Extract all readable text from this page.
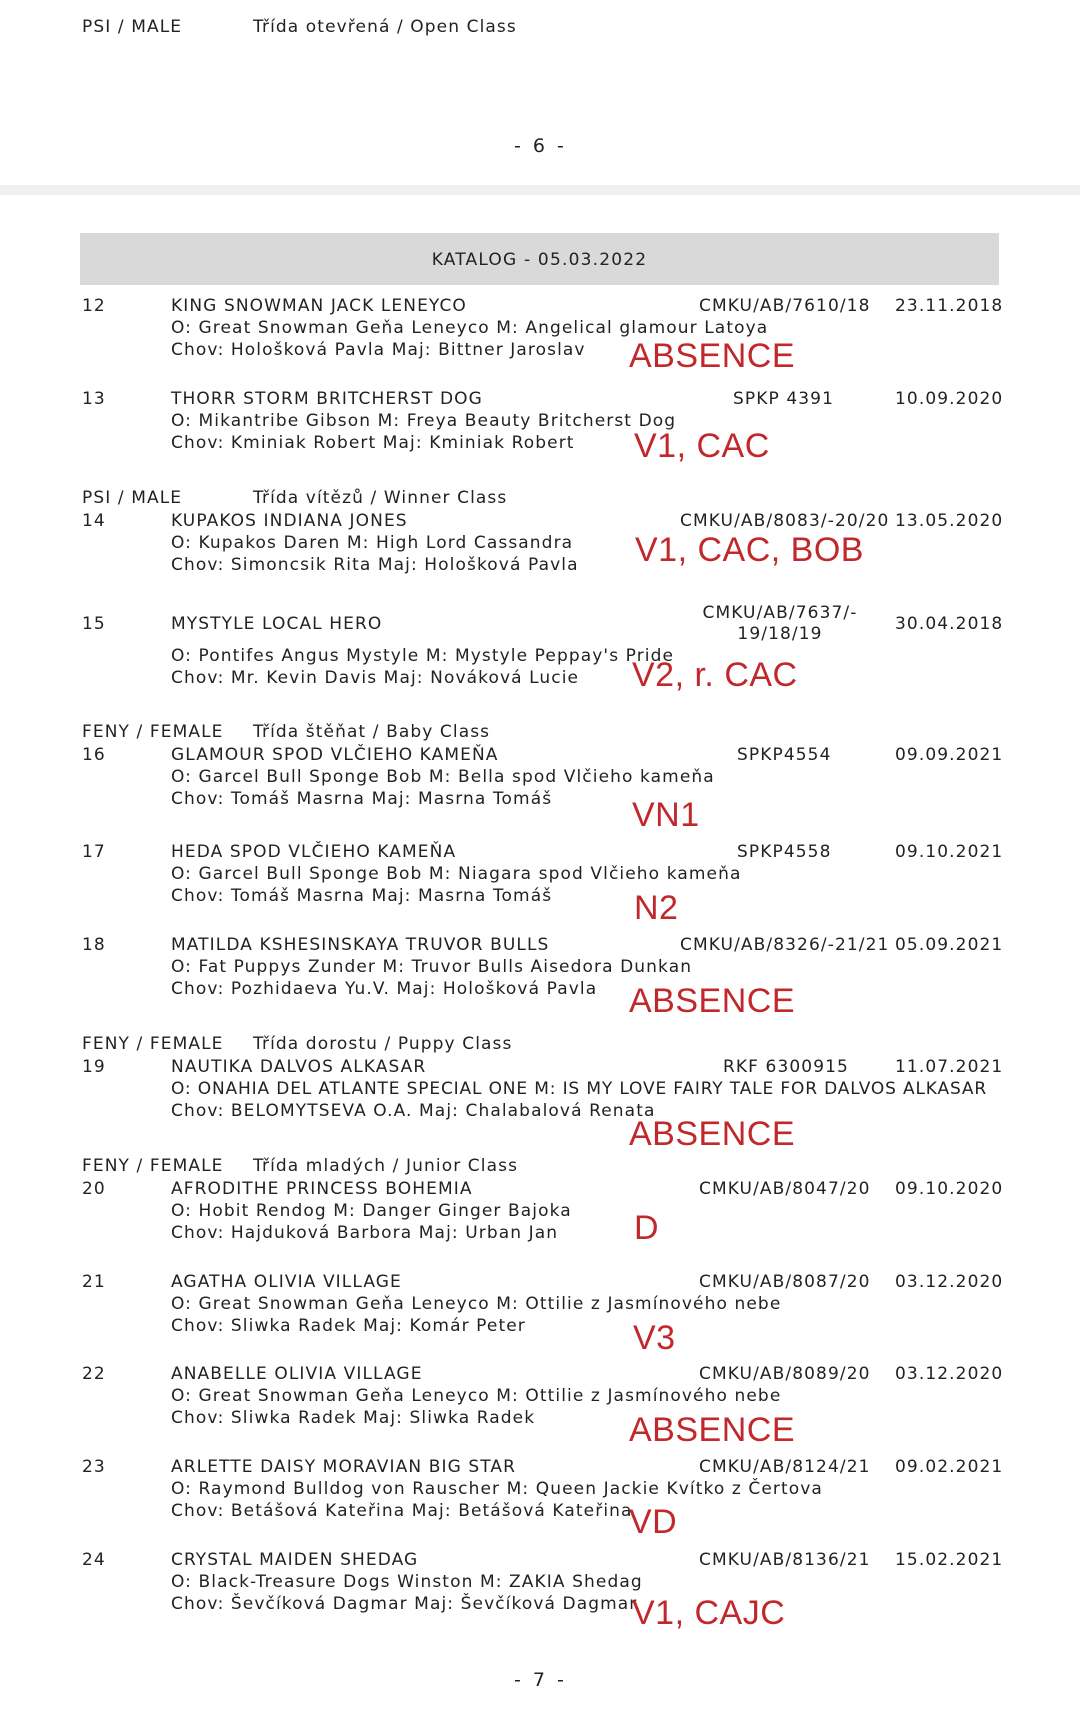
PSI / MALE	Třída otevřená / Open Class
- 6 -
KATALOG - 05.03.2022
12	KING SNOWMAN JACK LENEYCO	CMKU/AB/7610/18 23.11.2018
O: Great Snowman Geňa Leneyco M: Angelical glamour Latoya
Chov: Hološková Pavla Maj: Bittner Jaroslav ABSENCE
13	THORR STORM BRITCHERST DOG	SPKP 4391	10.09.2020
O: Mikantribe Gibson M: Freya Beauty Britcherst Dog
Chov: Kminiak Robert Maj: Kminiak Robert V1, CAC
PSI / MALE	Třída vítězů / Winner Class
14	KUPAKOS INDIANA JONES	CMKU/AB/8083/-20/20 13.05.2020
O: Kupakos Daren M: High Lord Cassandra
Chov: Simoncsik Rita Maj: Hološková Pavla V1, CAC, BOB
15	MYSTYLE LOCAL HERO
CMKU/AB/7637/-
19/18/19	30.04.2018
O: Pontifes Angus Mystyle M: Mystyle Peppay's Pride
Chov: Mr. Kevin Davis Maj: Nováková Lucie V2, r. CAC
FENY / FEMALE Třída štěňat / Baby Class
16	GLAMOUR SPOD VLČIEHO KAMEŇA	SPKP4554	09.09.2021
O: Garcel Bull Sponge Bob M: Bella spod Vlčieho kameňa
Chov: Tomáš Masrna Maj: Masrna Tomáš VN1
17	HEDA SPOD VLČIEHO KAMEŇA	SPKP4558	09.10.2021
O: Garcel Bull Sponge Bob M: Niagara spod Vlčieho kameňa
Chov: Tomáš Masrna Maj: Masrna Tomáš N2
18	MATILDA KSHESINSKAYA TRUVOR BULLS	CMKU/AB/8326/-21/21 05.09.2021
O: Fat Puppys Zunder M: Truvor Bulls Aisedora Dunkan
Chov: Pozhidaeva Yu.V. Maj: Hološková Pavla ABSENCE
FENY / FEMALE Třída dorostu / Puppy Class
19	NAUTIKA DALVOS ALKASAR	RKF 6300915	11.07.2021
O: ONAHIA DEL ATLANTE SPECIAL ONE M: IS MY LOVE FAIRY TALE FOR DALVOS ALKASAR
Chov: BELOMYTSEVA O.A. Maj: Chalabalová Renata
ABSENCE
FENY / FEMALE Třída mladých / Junior Class
20	AFRODITHE PRINCESS BOHEMIA	CMKU/AB/8047/20 09.10.2020
O: Hobit Rendog M: Danger Ginger Bajoka
Chov: Hajduková Barbora Maj: Urban Jan D
21	AGATHA OLIVIA VILLAGE	CMKU/AB/8087/20 03.12.2020
O: Great Snowman Geňa Leneyco M: Ottilie z Jasmínového nebe
Chov: Sliwka Radek Maj: Komár Peter	V3
22	ANABELLE OLIVIA VILLAGE	CMKU/AB/8089/20 03.12.2020
O: Great Snowman Geňa Leneyco M: Ottilie z Jasmínového nebe
Chov: Sliwka Radek Maj: Sliwka Radek	ABSENCE
23	ARLETTE DAISY MORAVIAN BIG STAR	CMKU/AB/8124/21 09.02.2021
O: Raymond Bulldog von Rauscher M: Queen Jackie Kvítko z Čertova
Chov: Betášová Kateřina Maj: Betášová Kateřina
VD
24	CRYSTAL MAIDEN SHEDAG	CMKU/AB/8136/21 15.02.2021
O: Black-Treasure Dogs Winston M: ZAKIA Shedag
Chov: Ševčíková Dagmar Maj: Ševčíková Dagmar
V1, CAJC
- 7 -
